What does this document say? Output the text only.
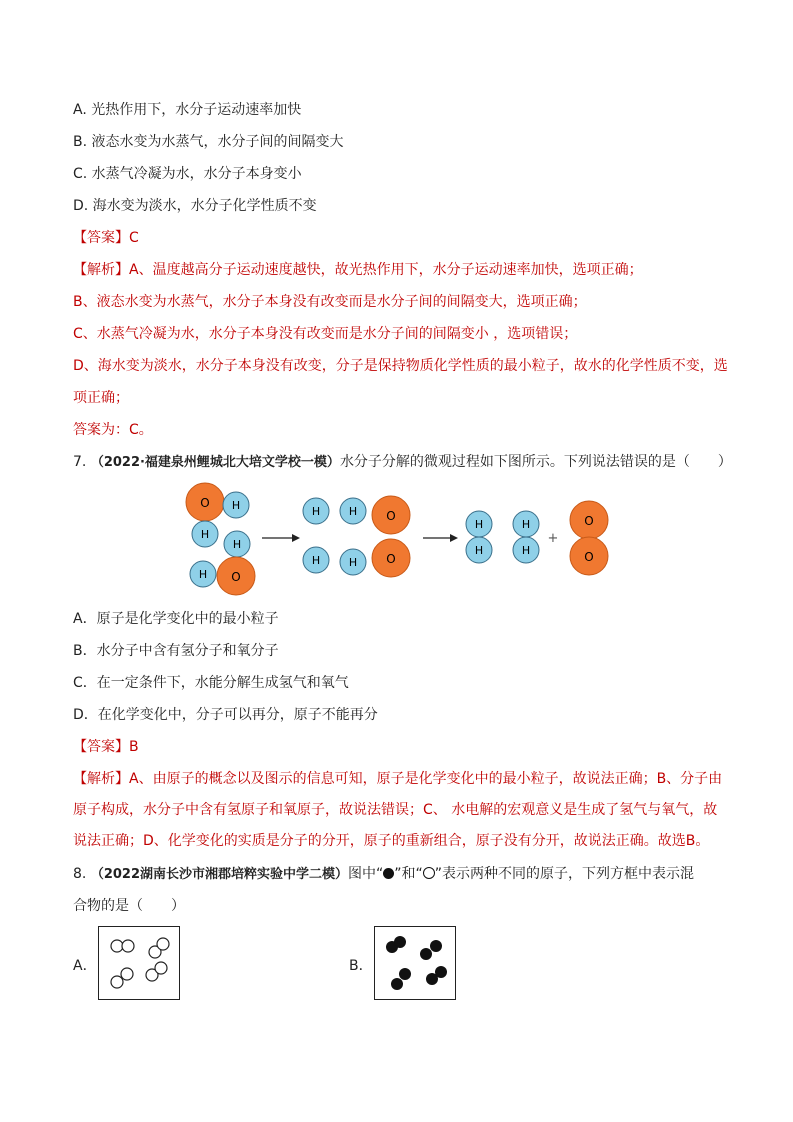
A. 光热作用下，水分子运动速率加快
B. 液态水变为水蒸气，水分子间的间隔变大
C. 水蒸气冷凝为水，水分子本身变小
D. 海水变为淡水，水分子化学性质不变
【答案】C
【解析】A、温度越高分子运动速度越快，故光热作用下，水分子运动速率加快，选项正确；
B、液态水变为水蒸气，水分子本身没有改变而是水分子间的间隔变大，选项正确；
C、水蒸气冷凝为水，水分子本身没有改变而是水分子间的间隔变小 ，选项错误；
D、海水变为淡水，水分子本身没有改变，分子是保持物质化学性质的最小粒子，故水的化学性质不变，选
项正确；
答案为：C。
7. （2022·福建泉州鲤城北大培文学校一模）水分子分解的微观过程如下图所示。下列说法错误的是（　　）
O H
H
H
H O
H	H O
H	H O
H
H
H
H
+
O
O
A．原子是化学变化中的最小粒子
B．水分子中含有氢分子和氧分子
C．在一定条件下，水能分解生成氢气和氧气
D．在化学变化中，分子可以再分，原子不能再分
【答案】B
【解析】A、由原子的概念以及图示的信息可知，原子是化学变化中的最小粒子，故说法正确；B、分子由原子构成，水分子中含有氢原子和氧原子，故说法错误；C、 水电解的宏观意义是生成了氢气与氧气，故说法正确；D、化学变化的实质是分子的分开，原子的重新组合，原子没有分开，故说法正确。故选B。
8. （2022湖南长沙市湘郡培粹实验中学二模）图中“ ”和“ ”表示两种不同的原子，下列方框中表示混
合物的是（　　）
A．	B．
